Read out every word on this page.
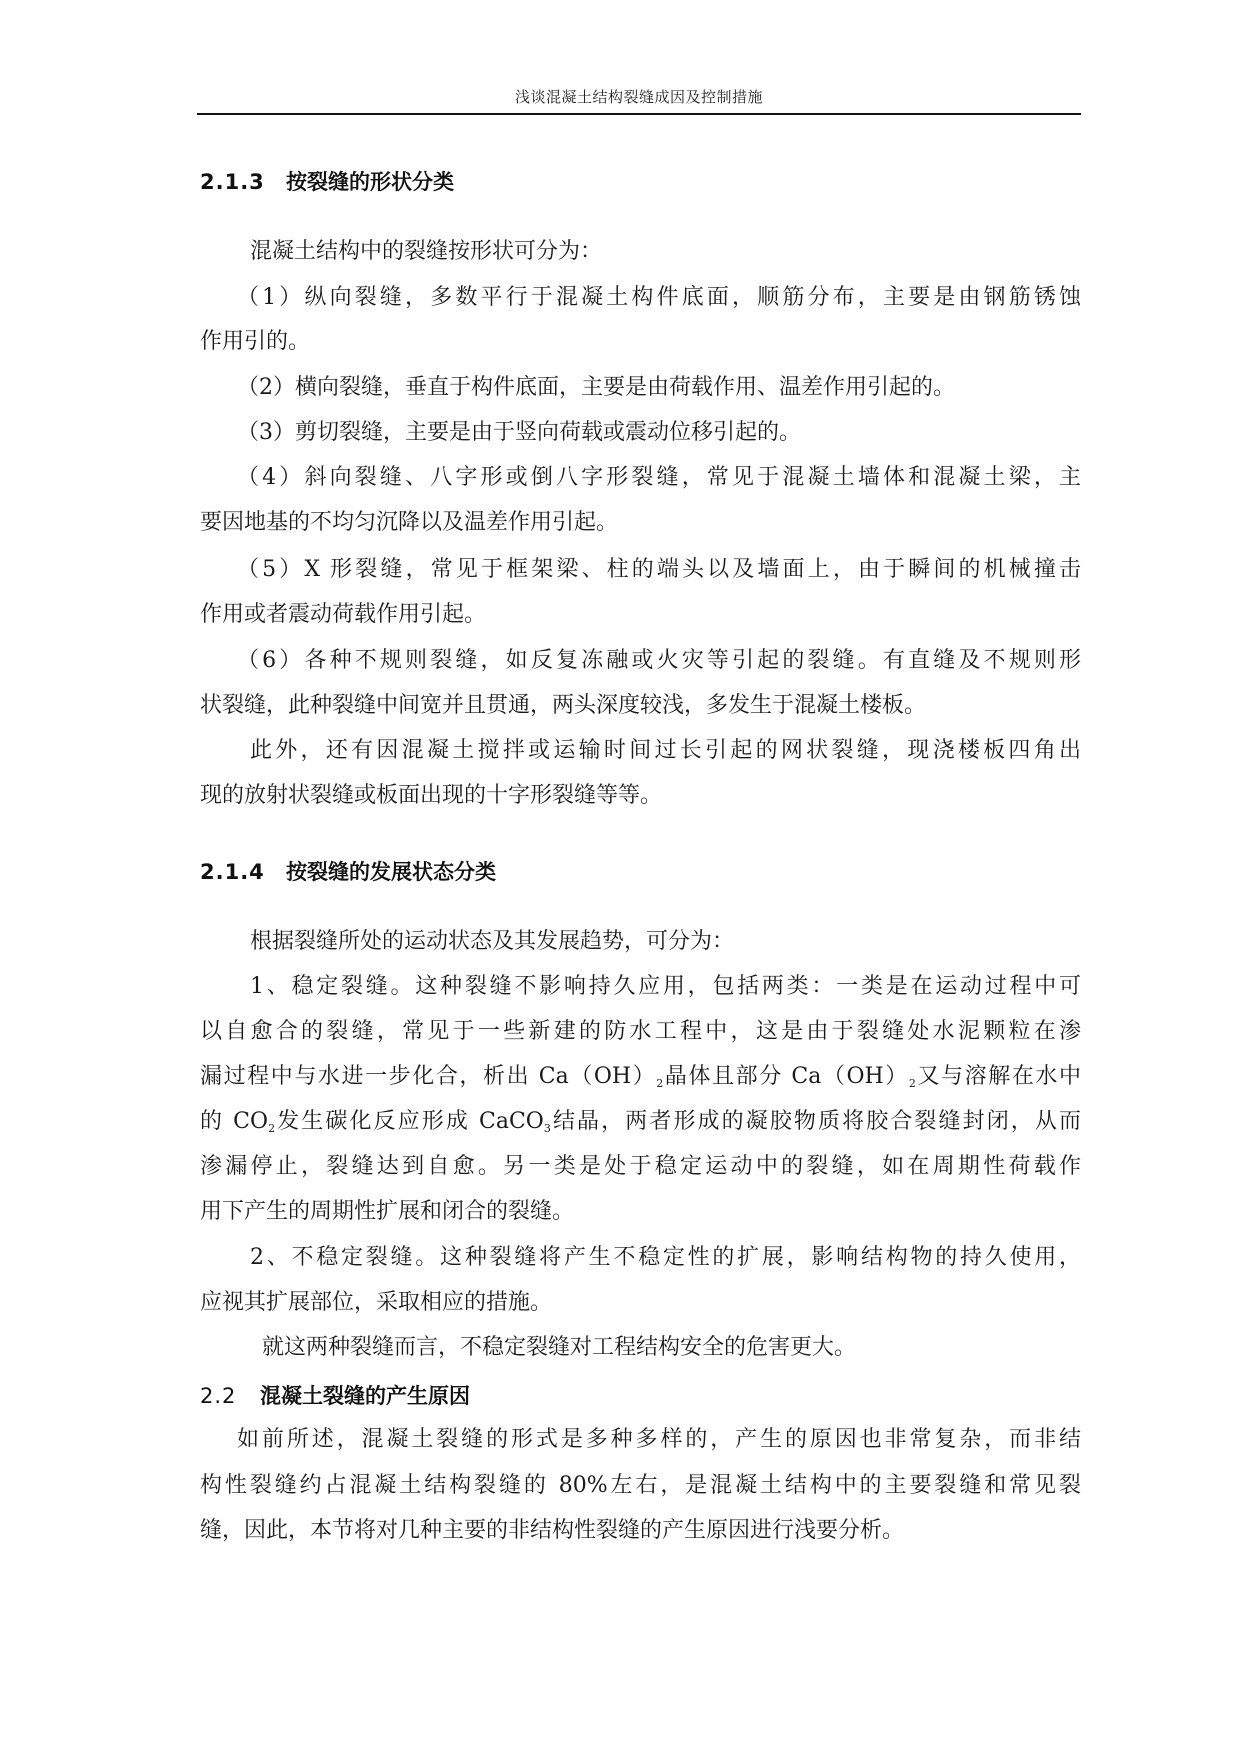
浅谈混凝土结构裂缝成因及控制措施
2.1.3 按裂缝的形状分类
混凝土结构中的裂缝按形状可分为：
（1）纵向裂缝，多数平行于混凝土构件底面，顺筋分布，主要是由钢筋锈蚀
作用引的。
（2）横向裂缝，垂直于构件底面，主要是由荷载作用、温差作用引起的。
（3）剪切裂缝，主要是由于竖向荷载或震动位移引起的。
（4）斜向裂缝、八字形或倒八字形裂缝，常见于混凝土墙体和混凝土梁，主
要因地基的不均匀沉降以及温差作用引起。
（5）X 形裂缝，常见于框架梁、柱的端头以及墙面上，由于瞬间的机械撞击
作用或者震动荷载作用引起。
（6）各种不规则裂缝，如反复冻融或火灾等引起的裂缝。有直缝及不规则形
状裂缝，此种裂缝中间宽并且贯通，两头深度较浅，多发生于混凝土楼板。
此外，还有因混凝土搅拌或运输时间过长引起的网状裂缝，现浇楼板四角出
现的放射状裂缝或板面出现的十字形裂缝等等。
2.1.4 按裂缝的发展状态分类
根据裂缝所处的运动状态及其发展趋势，可分为：
1、稳定裂缝。这种裂缝不影响持久应用，包括两类：一类是在运动过程中可
以自愈合的裂缝，常见于一些新建的防水工程中，这是由于裂缝处水泥颗粒在渗
漏过程中与水进一步化合，析出 $Ca(OH)_2$晶体且部分 $Ca(OH)_2$又与溶解在水中
的 $CO_2$发生碳化反应形成 CaCO$_3$结晶，两者形成的凝胶物质将胶合裂缝封闭，从而
渗漏停止，裂缝达到自愈。另一类是处于稳定运动中的裂缝，如在周期性荷载作
用下产生的周期性扩展和闭合的裂缝。
2、不稳定裂缝。这种裂缝将产生不稳定性的扩展，影响结构物的持久使用，
应视其扩展部位，采取相应的措施。
就这两种裂缝而言，不稳定裂缝对工程结构安全的危害更大。
2.2 混凝土裂缝的产生原因
如前所述，混凝土裂缝的形式是多种多样的，产生的原因也非常复杂，而非结
构性裂缝约占混凝土结构裂缝的 80%左右，是混凝土结构中的主要裂缝和常见裂
缝，因此，本节将对几种主要的非结构性裂缝的产生原因进行浅要分析。
